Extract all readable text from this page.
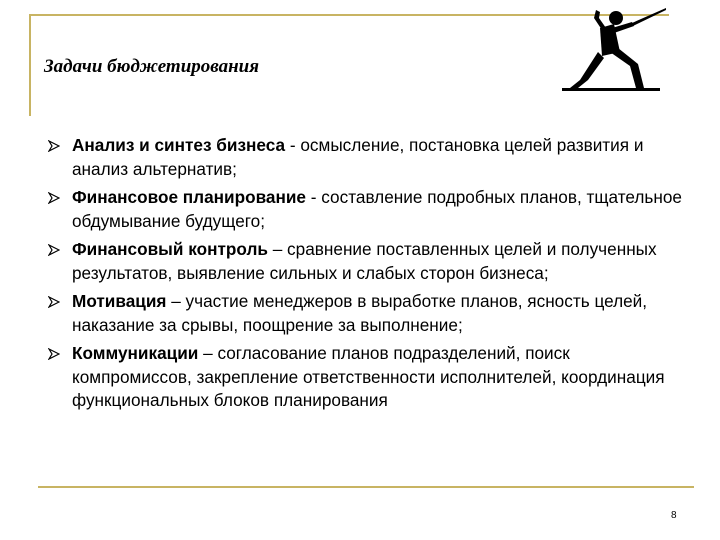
Задачи бюджетирования
Анализ и синтез бизнеса - осмысление, постановка целей развития и анализ альтернатив;
Финансовое планирование - составление подробных планов, тщательное обдумывание будущего;
Финансовый контроль – сравнение поставленных целей и полученных результатов, выявление сильных и слабых сторон бизнеса;
Мотивация – участие менеджеров в выработке планов, ясность целей, наказание за срывы, поощрение за выполнение;
Коммуникации – согласование планов подразделений, поиск компромиссов, закрепление ответственности исполнителей, координация функциональных блоков планирования
8
